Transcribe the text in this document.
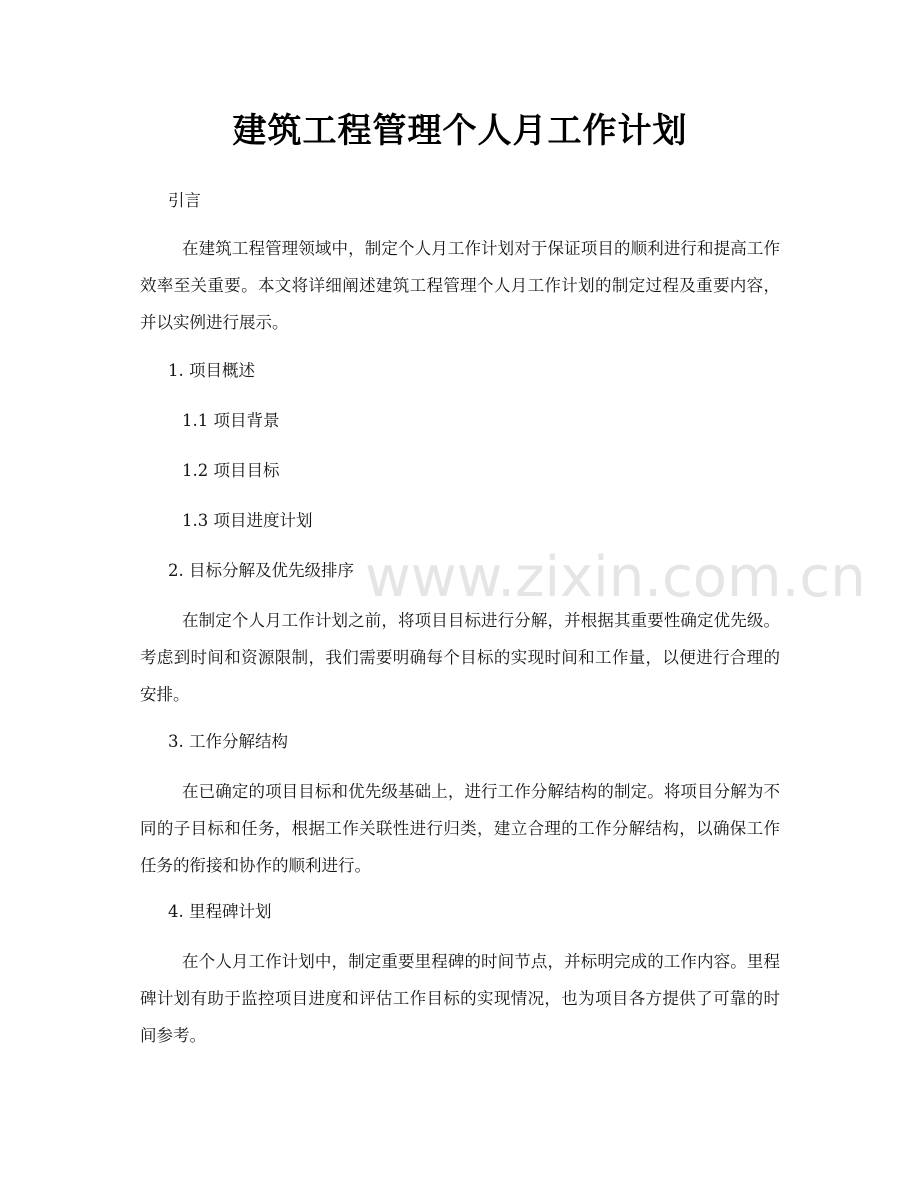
www.zixin.com.cn
建筑工程管理个人月工作计划
引言
在建筑工程管理领域中，制定个人月工作计划对于保证项目的顺利进行和提高工作效率至关重要。本文将详细阐述建筑工程管理个人月工作计划的制定过程及重要内容，并以实例进行展示。
1. 项目概述
1.1 项目背景
1.2 项目目标
1.3 项目进度计划
2. 目标分解及优先级排序
在制定个人月工作计划之前，将项目目标进行分解，并根据其重要性确定优先级。考虑到时间和资源限制，我们需要明确每个目标的实现时间和工作量，以便进行合理的安排。
3. 工作分解结构
在已确定的项目目标和优先级基础上，进行工作分解结构的制定。将项目分解为不同的子目标和任务，根据工作关联性进行归类，建立合理的工作分解结构，以确保工作任务的衔接和协作的顺利进行。
4. 里程碑计划
在个人月工作计划中，制定重要里程碑的时间节点，并标明完成的工作内容。里程碑计划有助于监控项目进度和评估工作目标的实现情况，也为项目各方提供了可靠的时间参考。
